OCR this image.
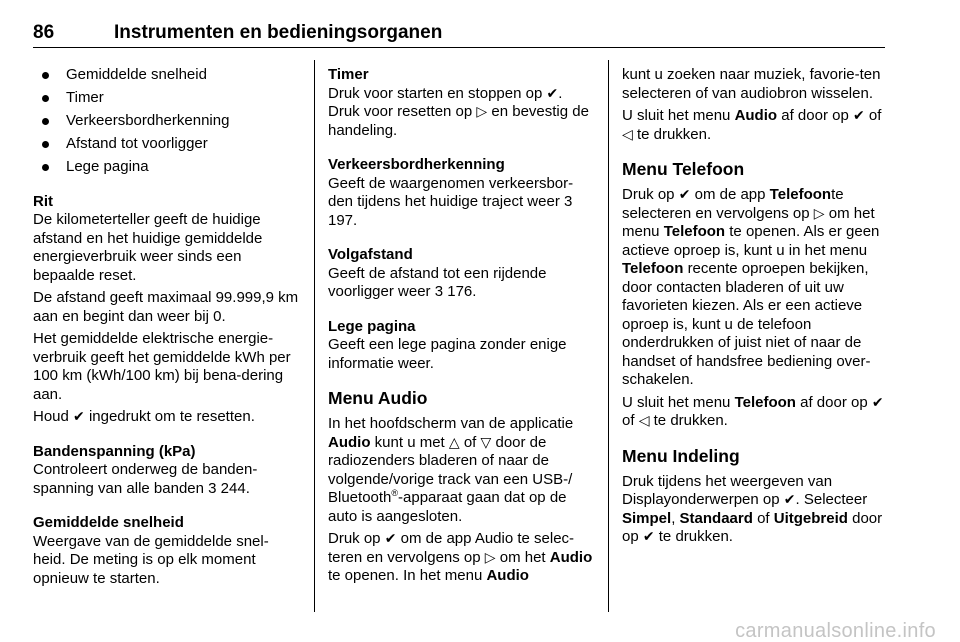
86	Instrumenten en bedieningsorganen
Gemiddelde snelheid
Timer
Verkeersbordherkenning
Afstand tot voorligger
Lege pagina
Rit

De kilometerteller geeft de huidige afstand en het huidige gemiddelde energieverbruik weer sinds een bepaalde reset.

De afstand geeft maximaal 99.999,9 km aan en begint dan weer bij 0.

Het gemiddelde elektrische energie-verbruik geeft het gemiddelde kWh per 100 km (kWh/100 km) bij bena-dering aan.

Houd ✔ ingedrukt om te resetten.

Bandenspanning (kPa)

Controleert onderweg de banden-spanning van alle banden 3 244.

Gemiddelde snelheid

Weergave van de gemiddelde snel-heid. De meting is op elk moment opnieuw te starten.

Timer

Druk voor starten en stoppen op ✔. Druk voor resetten op ▷ en bevestig de handeling.

Verkeersbordherkenning

Geeft de waargenomen verkeersbor-den tijdens het huidige traject weer 3 197.

Volgafstand

Geeft de afstand tot een rijdende voorligger weer 3 176.

Lege pagina

Geeft een lege pagina zonder enige informatie weer.

Menu Audio

In het hoofdscherm van de applicatie Audio kunt u met △ of ▽ door de radiozenders bladeren of naar de volgende/vorige track van een USB-/ Bluetooth®-apparaat gaan dat op de auto is aangesloten.

Druk op ✔ om de app Audio te selec-teren en vervolgens op ▷ om het Audio te openen. In het menu Audio

kunt u zoeken naar muziek, favorie-ten selecteren of van audiobron wisselen.

U sluit het menu Audio af door op ✔ of ◁ te drukken.

Menu Telefoon

Druk op ✔ om de app Telefoonte selecteren en vervolgens op ▷ om het menu Telefoon te openen. Als er geen actieve oproep is, kunt u in het menu Telefoon recente oproepen bekijken, door contacten bladeren of uit uw favorieten kiezen. Als er een actieve oproep is, kunt u de telefoon onderdrukken of juist niet of naar de handset of handsfree bediening over-schakelen.

U sluit het menu Telefoon af door op ✔ of ◁ te drukken.

Menu Indeling

Druk tijdens het weergeven van Displayonderwerpen op ✔. Selecteer Simpel, Standaard of Uitgebreid door op ✔ te drukken.

carmanualsonline.info
